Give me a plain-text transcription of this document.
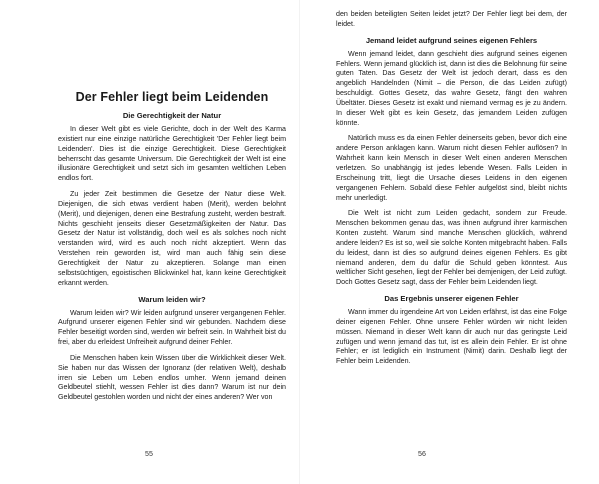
Der Fehler liegt beim Leidenden
Die Gerechtigkeit der Natur

In dieser Welt gibt es viele Gerichte, doch in der Welt des Karma existiert nur eine einzige natürliche Gerechtigkeit 'Der Fehler liegt beim Leidenden'. Dies ist die einzige Gerechtigkeit. Diese Gerechtigkeit beherrscht das gesamte Universum. Die Gerechtigkeit der Welt ist eine illusionäre Gerechtigkeit und setzt sich im gesamten weltlichen Leben endlos fort.

Zu jeder Zeit bestimmen die Gesetze der Natur diese Welt. Diejenigen, die sich etwas verdient haben (Merit), werden belohnt (Merit), und diejenigen, denen eine Bestrafung zusteht, werden bestraft. Nichts geschieht jenseits dieser Gesetzmäßigkeiten der Natur. Das Gesetz der Natur ist vollständig, doch weil es als solches noch nicht verstanden wird, wird es auch noch nicht akzeptiert. Wenn das Verstehen rein geworden ist, wird man auch fähig sein diese Gerechtigkeit der Natur zu akzeptieren. Solange man einen selbstsüchtigen, egoistischen Blickwinkel hat, kann keine Gerechtigkeit erkannt werden.

Warum leiden wir?

Warum leiden wir? Wir leiden aufgrund unserer vergangenen Fehler. Aufgrund unserer eigenen Fehler sind wir gebunden. Nachdem diese Fehler beseitigt worden sind, werden wir befreit sein. In Wahrheit bist du frei, aber du erleidest Unfreiheit aufgrund deiner Fehler.

Die Menschen haben kein Wissen über die Wirklichkeit dieser Welt. Sie haben nur das Wissen der Ignoranz (der relativen Welt), deshalb irren sie Leben um Leben endlos umher. Wenn jemand deinen Geldbeutel stiehlt, wessen Fehler ist dies dann? Warum ist nur dein Geldbeutel gestohlen worden und nicht der eines anderen? Wer von

55

den beiden beteiligten Seiten leidet jetzt? Der Fehler liegt bei dem, der leidet.

Jemand leidet aufgrund seines eigenen Fehlers

Wenn jemand leidet, dann geschieht dies aufgrund seines eigenen Fehlers. Wenn jemand glücklich ist, dann ist dies die Belohnung für seine guten Taten. Das Gesetz der Welt ist jedoch derart, dass es den angeblich Handelnden (Nimit – die Person, die das Leiden zufügt) beschuldigt. Gottes Gesetz, das wahre Gesetz, fängt den wahren Übeltäter. Dieses Gesetz ist exakt und niemand vermag es je zu ändern. In dieser Welt gibt es kein Gesetz, das jemandem Leiden zufügen könnte.

Natürlich muss es da einen Fehler deinerseits geben, bevor dich eine andere Person anklagen kann. Warum nicht diesen Fehler auflösen? In Wahrheit kann kein Mensch in dieser Welt einen anderen Menschen verletzen. So unabhängig ist jedes lebende Wesen. Falls Leiden in Erscheinung tritt, liegt die Ursache dieses Leidens in den eigenen vergangenen Fehlern. Sobald diese Fehler aufgelöst sind, bleibt nichts mehr unerledigt.

Die Welt ist nicht zum Leiden gedacht, sondern zur Freude. Menschen bekommen genau das, was ihnen aufgrund ihrer karmischen Konten zusteht. Warum sind manche Menschen glücklich, während andere leiden? Es ist so, weil sie solche Konten mitgebracht haben. Falls du leidest, dann ist dies so aufgrund deines eigenen Fehlers. Es gibt niemand anderen, dem du dafür die Schuld geben könntest. Aus weltlicher Sicht gesehen, liegt der Fehler bei demjenigen, der Leid zufügt. Doch Gottes Gesetz sagt, dass der Fehler beim Leidenden liegt.

Das Ergebnis unserer eigenen Fehler

Wann immer du irgendeine Art von Leiden erfährst, ist das eine Folge deiner eigenen Fehler. Ohne unsere Fehler würden wir nicht leiden müssen. Niemand in dieser Welt kann dir auch nur das geringste Leid zufügen und wenn jemand das tut, ist es allein dein Fehler. Er ist ohne Fehler; er ist lediglich ein Instrument (Nimit) darin. Deshalb liegt der Fehler beim Leidenden.

56
